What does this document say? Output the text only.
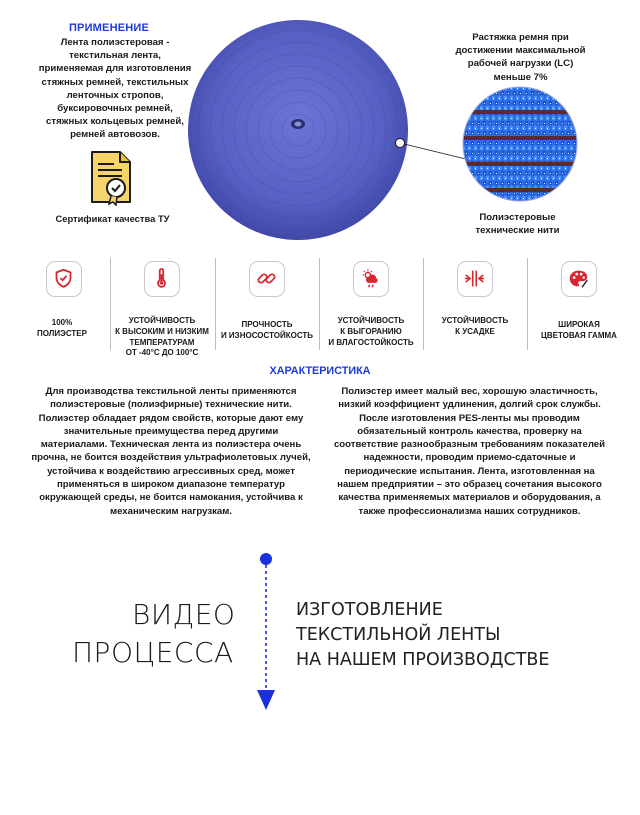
ПРИМЕНЕНИЕ
Лента полиэстеровая -
текстильная лента,
применяемая для изготовления
стяжных ремней, текстильных
ленточных стропов,
буксировочных ремней,
стяжных кольцевых ремней,
ремней автовозов.
Сертификат качества ТУ
Растяжка ремня при
достижении максимальной
рабочей нагрузки (LC)
меньше 7%
Полиэстеровые
технические нити
100%
ПОЛИЭСТЕР
УСТОЙЧИВОСТЬ
К ВЫСОКИМ И НИЗКИМ
ТЕМПЕРАТУРАМ
ОТ -40°С ДО 100°С
ПРОЧНОСТЬ
И ИЗНОСОСТОЙКОСТЬ
УСТОЙЧИВОСТЬ
К ВЫГОРАНИЮ
И ВЛАГОСТОЙКОСТЬ
УСТОЙЧИВОСТЬ
К УСАДКЕ
ШИРОКАЯ
ЦВЕТОВАЯ ГАММА
ХАРАКТЕРИСТИКА
Для производства текстильной ленты применяются
полиэстеровые (полиэфирные) технические нити.
Полиэстер обладает рядом свойств, которые дают ему
значительные преимущества перед другими
материалами. Техническая лента из полиэстера очень
прочна, не боится воздействия ультрафиолетовых лучей,
устойчива к воздействию агрессивных сред, может
применяться в широком диапазоне температур
окружающей среды, не боится намокания, устойчива к
механическим нагрузкам.
Полиэстер имеет малый вес, хорошую эластичность,
низкий коэффициент удлинения, долгий срок службы.
После изготовления PES-ленты мы проводим
обязательный контроль качества, проверку на
соответствие разнообразным требованиям показателей
надежности, проводим приемо-сдаточные и
периодические испытания. Лента, изготовленная на
нашем предприятии – это образец сочетания высокого
качества применяемых материалов и оборудования, а
также профессионализма наших сотрудников.
ВИДЕО
ПРОЦЕССА
ИЗГОТОВЛЕНИЕ
ТЕКСТИЛЬНОЙ ЛЕНТЫ
НА НАШЕМ ПРОИЗВОДСТВЕ
